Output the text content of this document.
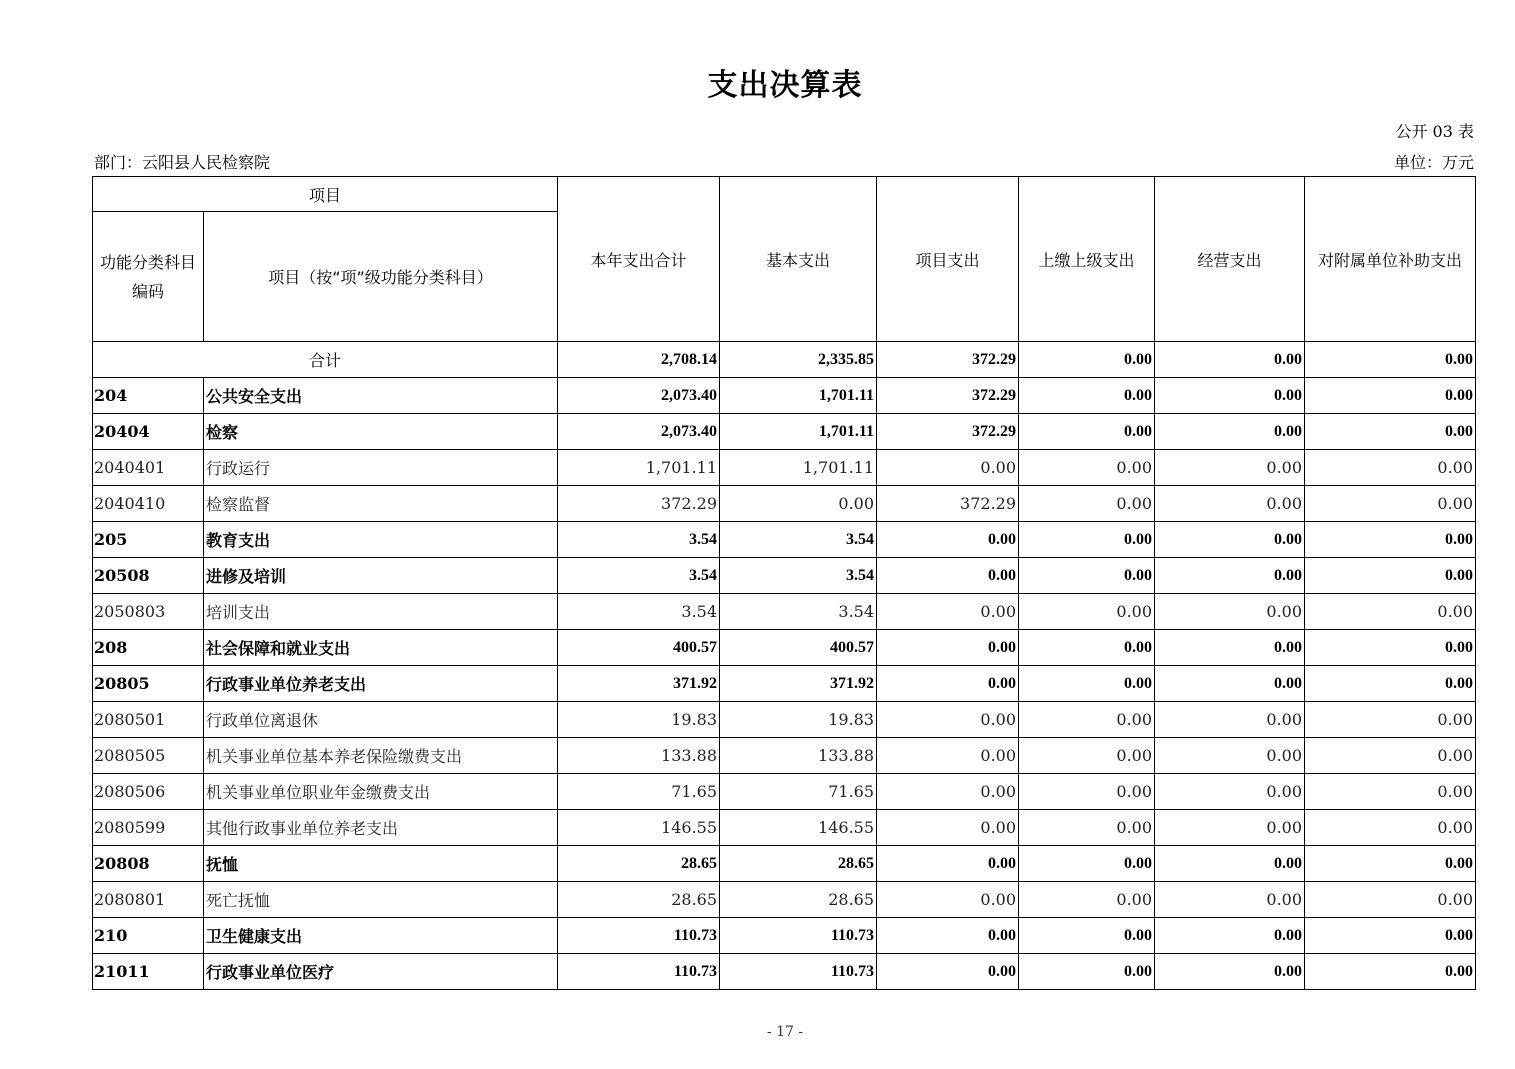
支出决算表
公开 03 表
部门：云阳县人民检察院	单位：万元
项目		本年支出合计	基本支出	项目支出	上缴上级支出	经营支出	对附属单位补助支出
功能分类科目编码	项目（按“项”级功能分类科目）						
合计		2,708.14	2,335.85	372.29	0.00	0.00	0.00
204	公共安全支出	2,073.40	1,701.11	372.29	0.00	0.00	0.00
20404	检察	2,073.40	1,701.11	372.29	0.00	0.00	0.00
2040401	行政运行	1,701.11	1,701.11	0.00	0.00	0.00	0.00
2040410	检察监督	372.29	0.00	372.29	0.00	0.00	0.00
205	教育支出	3.54	3.54	0.00	0.00	0.00	0.00
20508	进修及培训	3.54	3.54	0.00	0.00	0.00	0.00
2050803	培训支出	3.54	3.54	0.00	0.00	0.00	0.00
208	社会保障和就业支出	400.57	400.57	0.00	0.00	0.00	0.00
20805	行政事业单位养老支出	371.92	371.92	0.00	0.00	0.00	0.00
2080501	行政单位离退休	19.83	19.83	0.00	0.00	0.00	0.00
2080505	机关事业单位基本养老保险缴费支出	133.88	133.88	0.00	0.00	0.00	0.00
2080506	机关事业单位职业年金缴费支出	71.65	71.65	0.00	0.00	0.00	0.00
2080599	其他行政事业单位养老支出	146.55	146.55	0.00	0.00	0.00	0.00
20808	抚恤	28.65	28.65	0.00	0.00	0.00	0.00
2080801	死亡抚恤	28.65	28.65	0.00	0.00	0.00	0.00
210	卫生健康支出	110.73	110.73	0.00	0.00	0.00	0.00
21011	行政事业单位医疗	110.73	110.73	0.00	0.00	0.00	0.00
- 17 -
